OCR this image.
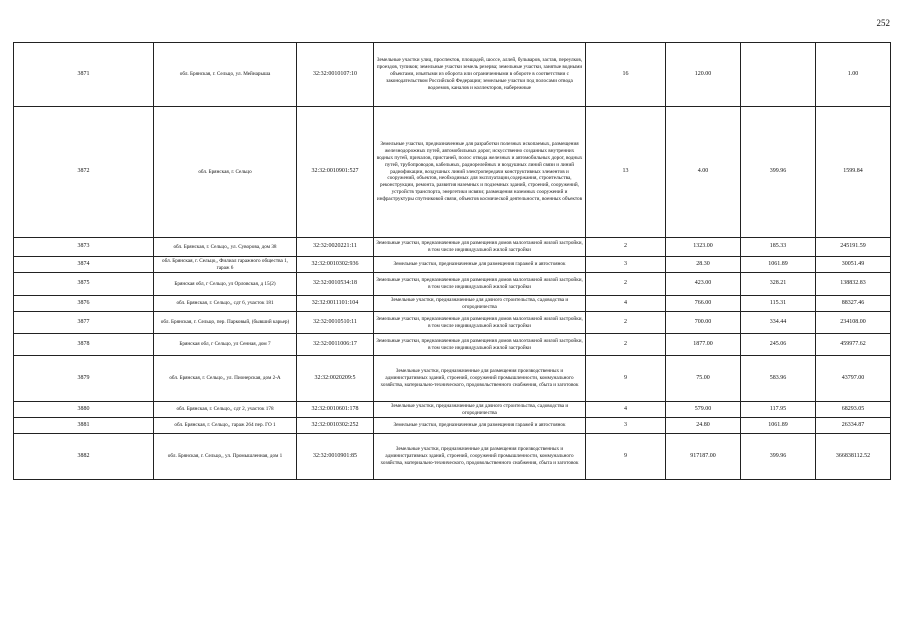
252
3871	обл. Брянская, г. Сельцо, ул. Мейнарыша	32:32:0010107:10	Земельные участки улиц, проспектов, площадей, шоссе, аллей, бульваров, застав, переулков, проездов, тупиков; земельные участки земель резерва; земельные участки, занятые водными объектами, изъятыми из оборота или ограниченными в обороте в соответствии с законодательством Российской Федерации; земельные участки под полосами отвода водоемов, каналов и коллекторов, набережные	16	120.00		1.00
3872	обл. Брянская, г. Сельцо	32:32:0010901:527	Земельные участки, предназначенные для разработки полезных ископаемых, размещения железнодорожных путей, автомобильных дорог, искусственно созданных внутренних водных путей, причалов, пристаней, полос отвода железных и автомобильных дорог, водных путей, трубопроводов, кабельных, радиорелейных и воздушных линий связи и линий радиофикации, воздушных линий электропередачи конструктивных элементов и сооружений, объектов, необходимых для эксплуатации,содержания, строительства, реконструкции, ремонта, развития наземных и подземных зданий, строений, сооружений, устройств транспорта, энергетики исвязи; размещения наземных сооружений и инфраструктуры спутниковой связи, объектов космической деятельности, военных объектов	13	4.00	399.96	1599.84
3873	обл. Брянская, г. Сельцо,, ул. Суворова, дом 38	32:32:0020221:11	Земельные участки, предназначенные для размещения домов малоэтажной жилой застройки, в том числе индивидуальной жилой застройки	2	1323.00	185.33	245191.59
3874	обл. Брянская, г. Сельцо,, Филиал гаражного общества 1, гараж 6	32:32:0010302:936	Земельные участки, предназначенные для размещения гаражей и автостоянок	3	28.30	1061.89	30051.49
3875	Брянская обл, г Сельцо, ул Орловская, д 15(2)	32:32:0010534:18	Земельные участки, предназначенные для размещения домов малоэтажной жилой застройки, в том числе индивидуальной жилой застройки	2	423.00	328.21	138832.83
3876	обл. Брянская, г. Сельцо,, сдт 6, участок 181	32:32:0011101:104	Земельные участки, предназначенные для дачного строительства, садоводства и огородничества	4	766.00	115.31	88327.46
3877	обл. Брянская, г. Сельцо, пер. Парковый, (бывший карьер)	32:32:0010510:11	Земельные участки, предназначенные для размещения домов малоэтажной жилой застройки, в том числе индивидуальной жилой застройки	2	700.00	334.44	234108.00
3878	Брянская обл, г Сельцо, ул Сенная, дом 7	32:32:0011006:17	Земельные участки, предназначенные для размещения домов малоэтажной жилой застройки, в том числе индивидуальной жилой застройки	2	1877.00	245.06	459977.62
3879	обл. Брянская, г. Сельцо,, ул. Пионерская, дом 2-А	32:32:0020209:5	Земельные участки, предназначенные для размещения производственных и административных зданий, строений, сооружений промышленности, коммунального хозяйства, материально-технического, продовольственного снабжения, сбыта и заготовок	9	75.00	583.96	43797.00
3880	обл. Брянская, г. Сельцо,, сдт 2, участок 178	32:32:0010601:178	Земельные участки, предназначенные для дачного строительства, садоводства и огородничества	4	579.00	117.95	68293.05
3881	обл. Брянская, г. Сельцо,, гараж 264 пер. ГО 1	32:32:0010302:252	Земельные участки, предназначенные для размещения гаражей и автостоянок	3	24.80	1061.89	26334.87
3882	обл. Брянская, г. Сельцо,, ул. Промышленная, дом 1	32:32:0010901:85	Земельные участки, предназначенные для размещения производственных и административных зданий, строений, сооружений промышленности, коммунального хозяйства, материально-технического, продовольственного снабжения, сбыта и заготовок	9	917187.00	399.96	366838112.52
